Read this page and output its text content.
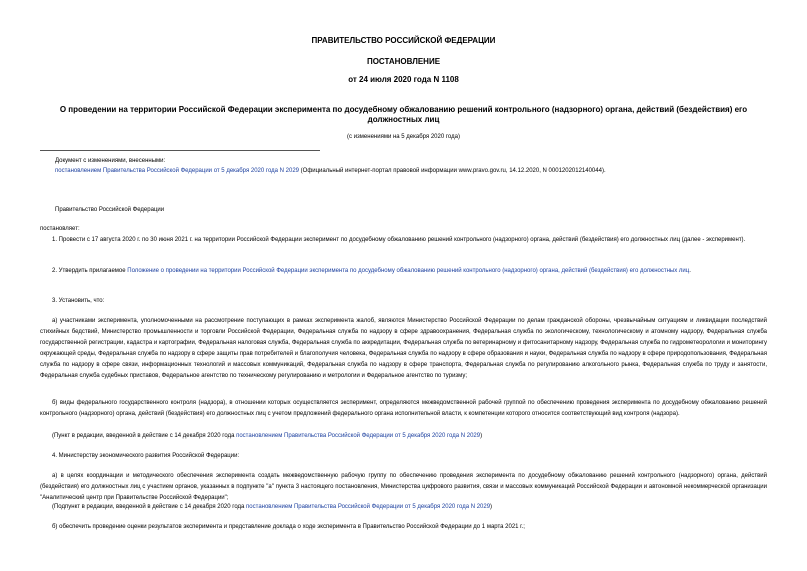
ПРАВИТЕЛЬСТВО РОССИЙСКОЙ ФЕДЕРАЦИИ
ПОСТАНОВЛЕНИЕ
от 24 июля 2020 года N 1108
О проведении на территории Российской Федерации эксперимента по досудебному обжалованию решений контрольного (надзорного) органа, действий (бездействия) его должностных лиц
(с изменениями на 5 декабря 2020 года)
Документ с изменениями, внесенными:
постановлением Правительства Российской Федерации от 5 декабря 2020 года N 2029 (Официальный интернет-портал правовой информации www.pravo.gov.ru, 14.12.2020, N 0001202012140044).
Правительство Российской Федерации
постановляет:
1. Провести с 17 августа 2020 г. по 30 июня 2021 г. на территории Российской Федерации эксперимент по досудебному обжалованию решений контрольного (надзорного) органа, действий (бездействия) его должностных лиц (далее - эксперимент).
2. Утвердить прилагаемое Положение о проведении на территории Российской Федерации эксперимента по досудебному обжалованию решений контрольного (надзорного) органа, действий (бездействия) его должностных лиц.
3. Установить, что:
а) участниками эксперимента, уполномоченными на рассмотрение поступающих в рамках эксперимента жалоб, являются Министерство Российской Федерации по делам гражданской обороны, чрезвычайным ситуациям и ликвидации последствий стихийных бедствий, Министерство промышленности и торговли Российской Федерации, Федеральная служба по надзору в сфере здравоохранения, Федеральная служба по экологическому, технологическому и атомному надзору, Федеральная служба государственной регистрации, кадастра и картографии, Федеральная налоговая служба, Федеральная служба по аккредитации, Федеральная служба по ветеринарному и фитосанитарному надзору, Федеральная служба по гидрометеорологии и мониторингу окружающей среды, Федеральная служба по надзору в сфере защиты прав потребителей и благополучия человека, Федеральная служба по надзору в сфере образования и науки, Федеральная служба по надзору в сфере природопользования, Федеральная служба по надзору в сфере связи, информационных технологий и массовых коммуникаций, Федеральная служба по надзору в сфере транспорта, Федеральная служба по регулированию алкогольного рынка, Федеральная служба по труду и занятости, Федеральная служба судебных приставов, Федеральное агентство по техническому регулированию и метрологии и Федеральное агентство по туризму;
б) виды федерального государственного контроля (надзора), в отношении которых осуществляется эксперимент, определяются межведомственной рабочей группой по обеспечению проведения эксперимента по досудебному обжалованию решений контрольного (надзорного) органа, действий (бездействия) его должностных лиц с учетом предложений федерального органа исполнительной власти, к компетенции которого относится соответствующий вид контроля (надзора).
(Пункт в редакции, введенной в действие с 14 декабря 2020 года постановлением Правительства Российской Федерации от 5 декабря 2020 года N 2029)
4. Министерству экономического развития Российской Федерации:
а) в целях координации и методического обеспечения эксперимента создать межведомственную рабочую группу по обеспечению проведения эксперимента по досудебному обжалованию решений контрольного (надзорного) органа, действий (бездействия) его должностных лиц с участием органов, указанных в подпункте "а" пункта 3 настоящего постановления, Министерства цифрового развития, связи и массовых коммуникаций Российской Федерации и автономной некоммерческой организации "Аналитический центр при Правительстве Российской Федерации";
(Подпункт в редакции, введенной в действие с 14 декабря 2020 года постановлением Правительства Российской Федерации от 5 декабря 2020 года N 2029)
б) обеспечить проведение оценки результатов эксперимента и представление доклада о ходе эксперимента в Правительство Российской Федерации до 1 марта 2021 г.;
